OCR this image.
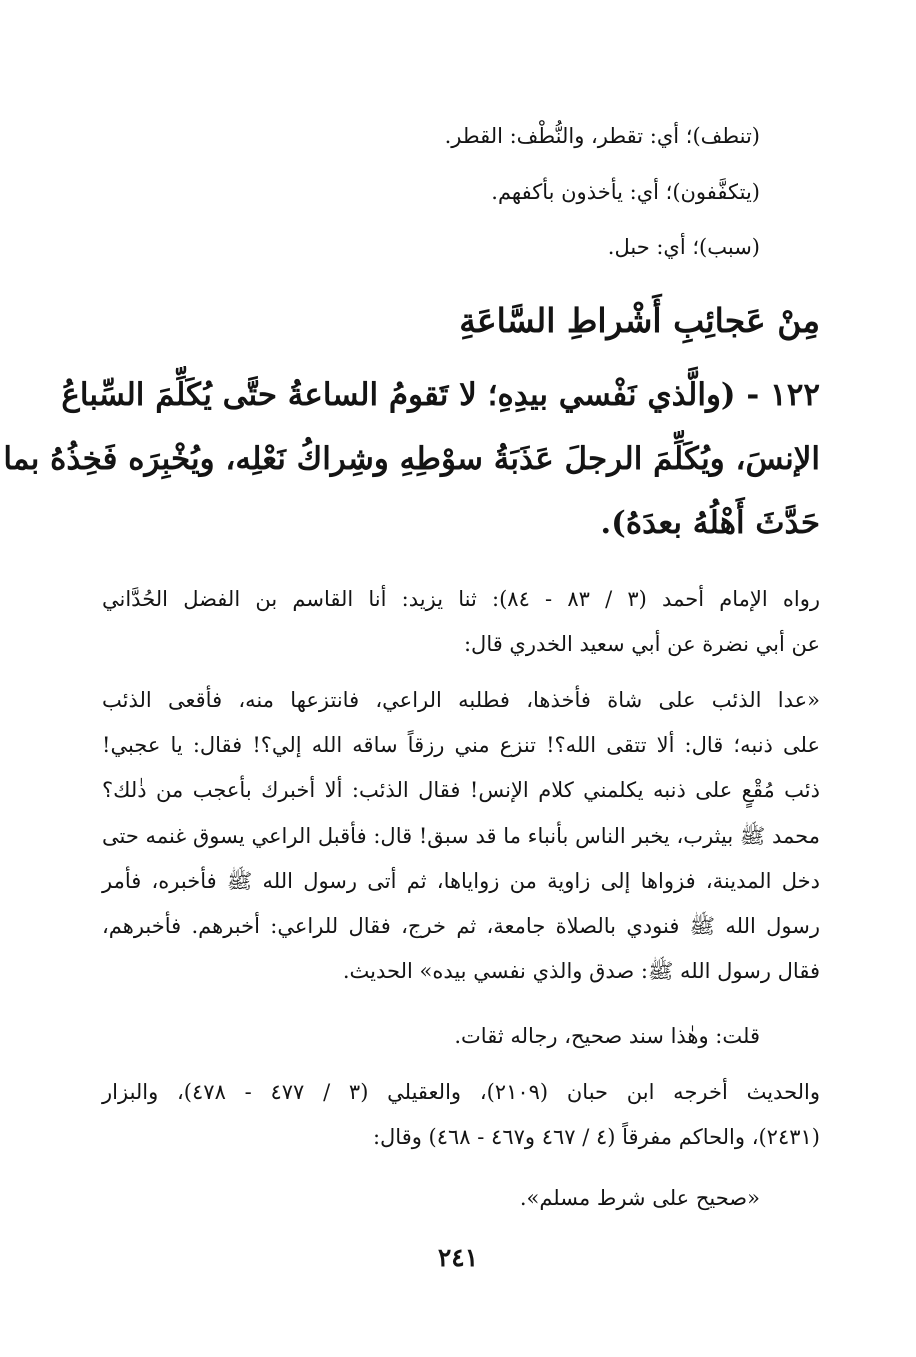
(تنطف)؛ أي: تقطر، والنُّطْف: القطر.
(يتكفَّفون)؛ أي: يأخذون بأكفهم.
(سبب)؛ أي: حبل.
مِنْ عَجائِبِ أَشْراطِ السَّاعَةِ
١٢٢ - (والَّذي نَفْسي بيدِهِ؛ لا تَقومُ الساعةُ حتَّى يُكَلِّمَ السِّباعُ
الإنسَ، ويُكَلِّمَ الرجلَ عَذَبَةُ سوْطِهِ وشِراكُ نَعْلِه، ويُخْبِرَه فَخِذُهُ بما
حَدَّثَ أَهْلُهُ بعدَهُ).
رواه الإمام أحمد (٣ / ٨٣ - ٨٤): ثنا يزيد: أنا القاسم بن الفضل الحُدَّاني
عن أبي نضرة عن أبي سعيد الخدري قال:
«عدا الذئب على شاة فأخذها، فطلبه الراعي، فانتزعها منه، فأقعى الذئب
على ذنبه؛ قال: ألا تتقى الله؟! تنزع مني رزقاً ساقه الله إلي؟! فقال: يا عجبي!
ذئب مُقْعٍ على ذنبه يكلمني كلام الإنس! فقال الذئب: ألا أخبرك بأعجب من ذٰلك؟
محمد ﷺ بيثرب، يخبر الناس بأنباء ما قد سبق! قال: فأقبل الراعي يسوق غنمه حتى
دخل المدينة، فزواها إلى زاوية من زواياها، ثم أتى رسول الله ﷺ فأخبره، فأمر
رسول الله ﷺ فنودي بالصلاة جامعة، ثم خرج، فقال للراعي: أخبرهم. فأخبرهم،
فقال رسول الله ﷺ: صدق والذي نفسي بيده» الحديث.
قلت: وهٰذا سند صحيح، رجاله ثقات.
والحديث أخرجه ابن حبان (٢١٠٩)، والعقيلي (٣ / ٤٧٧ - ٤٧٨)، والبزار
(٢٤٣١)، والحاكم مفرقاً (٤ / ٤٦٧ و٤٦٧ - ٤٦٨) وقال:
«صحيح على شرط مسلم».
٢٤١
